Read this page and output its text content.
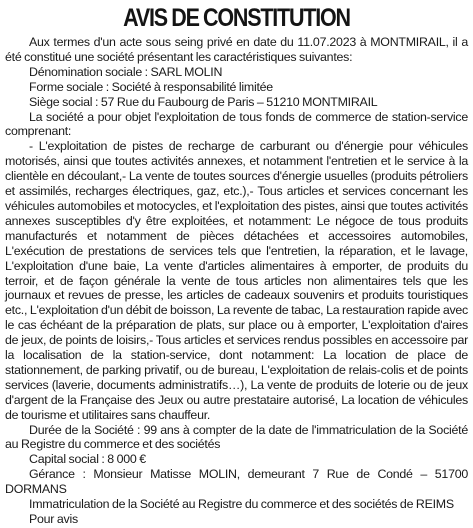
AVIS DE CONSTITUTION

Aux termes d'un acte sous seing privé en date du 11.07.2023 à MONTMIRAIL, il a été constitué une société présentant les caractéristiques suivantes:

Dénomination sociale : SARL MOLIN

Forme sociale : Société à responsabilité limitée

Siège social : 57 Rue du Faubourg de Paris – 51210 MONTMIRAIL

La société a pour objet l'exploitation de tous fonds de commerce de station-service comprenant:

- L'exploitation de pistes de recharge de carburant ou d'énergie pour véhicules motorisés, ainsi que toutes activités annexes, et notamment l'entretien et le service à la clientèle en découlant,- La vente de toutes sources d'énergie usuelles (produits pétroliers et assimilés, recharges électriques, gaz, etc.),- Tous articles et services concernant les véhicules automobiles et motocycles, et l'exploitation des pistes, ainsi que toutes activités annexes susceptibles d'y être exploitées, et notamment: Le négoce de tous produits manufacturés et notamment de pièces détachées et accessoires automobiles, L'exécution de prestations de services tels que l'entretien, la réparation, et le lavage, L'exploitation d'une baie, La vente d'articles alimentaires à emporter, de produits du terroir, et de façon générale la vente de tous articles non alimentaires tels que les journaux et revues de presse, les articles de cadeaux souvenirs et produits touristiques etc., L'exploitation d'un débit de boisson, La revente de tabac, La restauration rapide avec le cas échéant de la préparation de plats, sur place ou à emporter, L'exploitation d'aires de jeux, de points de loisirs,- Tous articles et services rendus possibles en accessoire par la localisation de la station-service, dont notamment: La location de place de stationnement, de parking privatif, ou de bureau, L'exploitation de relais-colis et de points services (laverie, documents administratifs…), La vente de produits de loterie ou de jeux d'argent de la Française des Jeux ou autre prestataire autorisé, La location de véhicules de tourisme et utilitaires sans chauffeur.

Durée de la Société : 99 ans à compter de la date de l'immatriculation de la Société au Registre du commerce et des sociétés

Capital social : 8 000 €

Gérance : Monsieur Matisse MOLIN, demeurant 7 Rue de Condé – 51700 DORMANS

Immatriculation de la Société au Registre du commerce et des sociétés de REIMS

Pour avis
